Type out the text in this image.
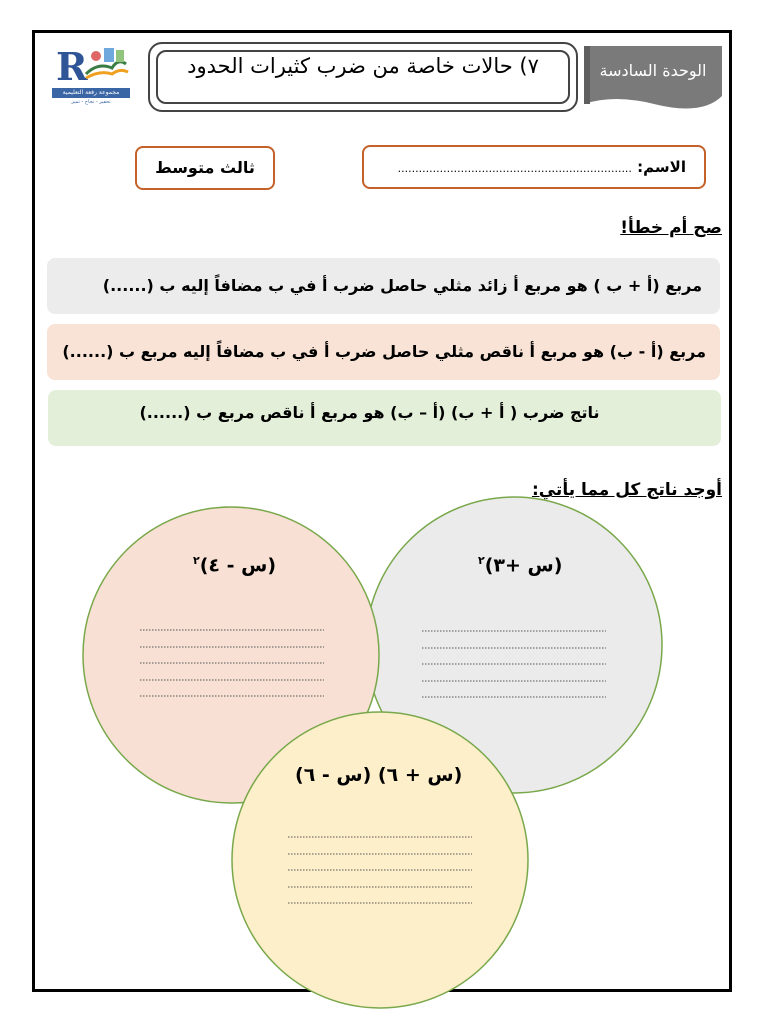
R
مجموعة رفعة التعليمية
تحفيز - نجاح - تميز
٧) حالات خاصة من ضرب كثيرات الحدود	الوحدة السادسة
ثالث متوسط	الاسم: ...................................................................
صح أم خطأ!
مربع (أ + ب ) هو مربع أ زائد مثلي حاصل ضرب أ في ب مضافاً إليه ب (......)
مربع (أ - ب) هو مربع أ ناقص مثلي حاصل ضرب أ في ب مضافاً إليه مربع ب (......)
ناتج ضرب ( أ + ب) (أ – ب) هو مربع أ ناقص مربع ب (......)
أوجد ناتج كل مما يأتي:
(س +٣)$^٢$
(س - ٤)$^٢$
(س + ٦) (س - ٦)
